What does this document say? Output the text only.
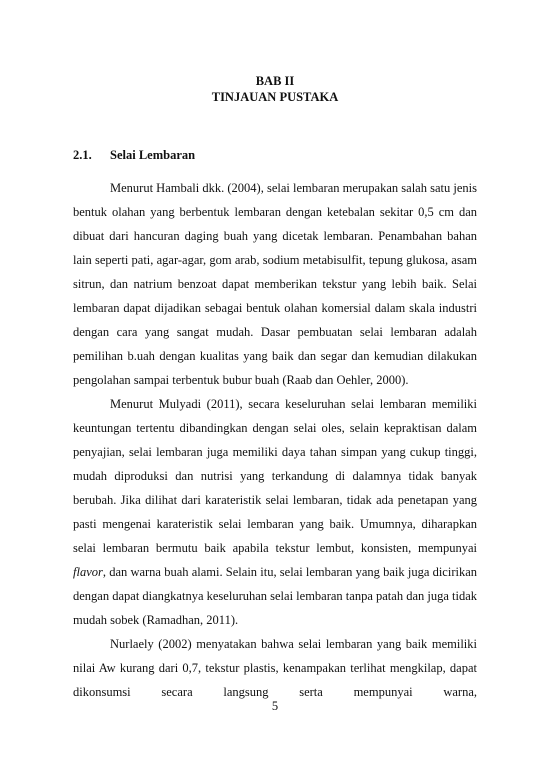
BAB II
TINJAUAN PUSTAKA
2.1. Selai Lembaran

Menurut Hambali dkk. (2004), selai lembaran merupakan salah satu jenis bentuk olahan yang berbentuk lembaran dengan ketebalan sekitar 0,5 cm dan dibuat dari hancuran daging buah yang dicetak lembaran. Penambahan bahan lain seperti pati, agar-agar, gom arab, sodium metabisulfit, tepung glukosa, asam sitrun, dan natrium benzoat dapat memberikan tekstur yang lebih baik. Selai lembaran dapat dijadikan sebagai bentuk olahan komersial dalam skala industri dengan cara yang sangat mudah. Dasar pembuatan selai lembaran adalah pemilihan b.uah dengan kualitas yang baik dan segar dan kemudian dilakukan pengolahan sampai terbentuk bubur buah (Raab dan Oehler, 2000).

Menurut Mulyadi (2011), secara keseluruhan selai lembaran memiliki keuntungan tertentu dibandingkan dengan selai oles, selain kepraktisan dalam penyajian, selai lembaran juga memiliki daya tahan simpan yang cukup tinggi, mudah diproduksi dan nutrisi yang terkandung di dalamnya tidak banyak berubah. Jika dilihat dari karateristik selai lembaran, tidak ada penetapan yang pasti mengenai karateristik selai lembaran yang baik. Umumnya, diharapkan selai lembaran bermutu baik apabila tekstur lembut, konsisten, mempunyai flavor, dan warna buah alami. Selain itu, selai lembaran yang baik juga dicirikan dengan dapat diangkatnya keseluruhan selai lembaran tanpa patah dan juga tidak mudah sobek (Ramadhan, 2011).

Nurlaely (2002) menyatakan bahwa selai lembaran yang baik memiliki nilai Aw kurang dari 0,7, tekstur plastis, kenampakan terlihat mengkilap, dapat dikonsumsi secara langsung serta mempunyai warna,

5
